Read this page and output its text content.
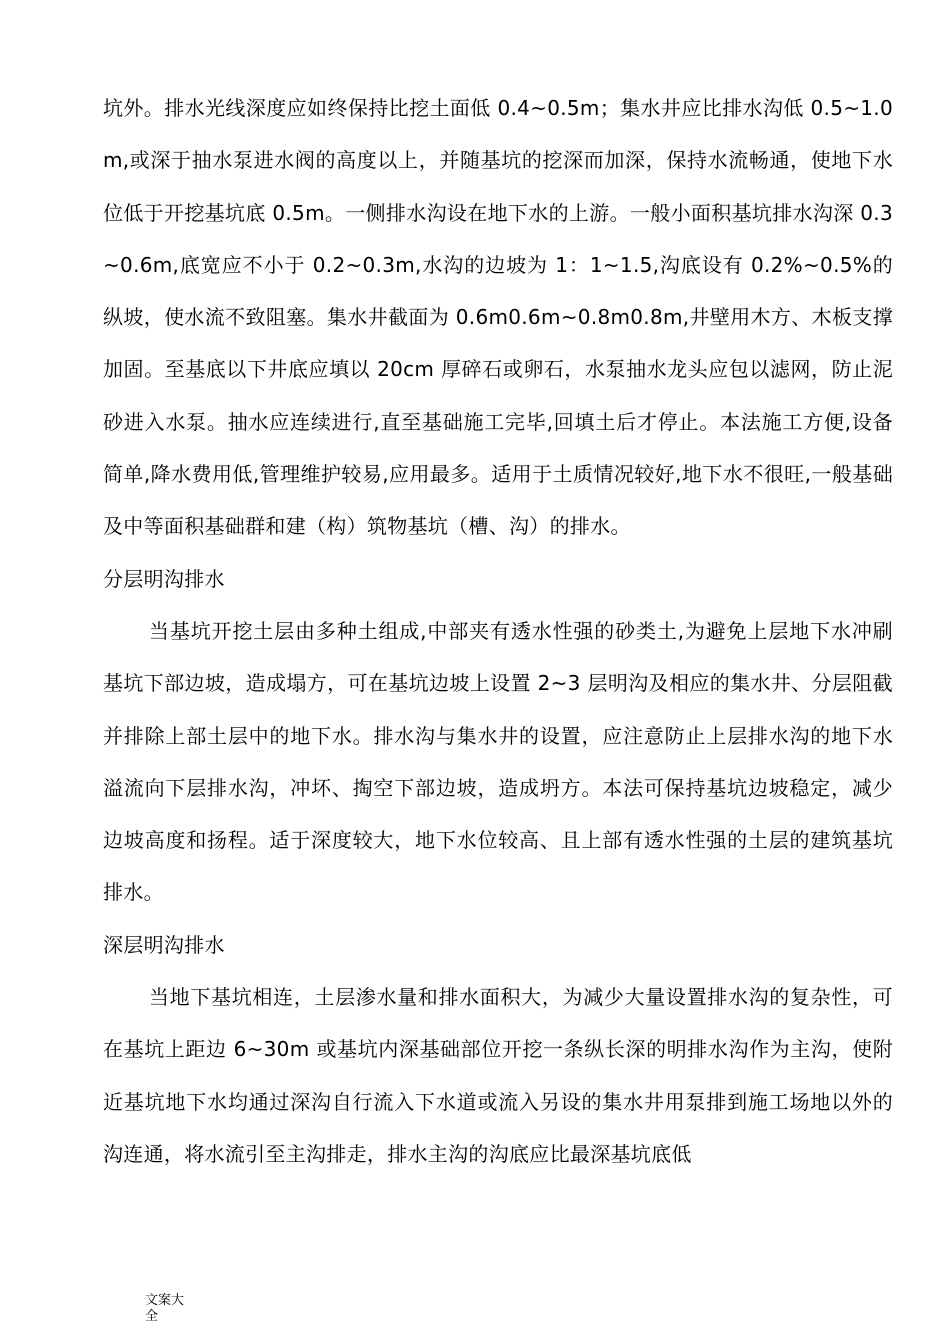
坑外。排水光线深度应如终保持比挖土面低 0.4~0.5m；集水井应比排水沟低 0.5~1.0m,或深于抽水泵进水阀的高度以上，并随基坑的挖深而加深，保持水流畅通，使地下水位低于开挖基坑底 0.5m。一侧排水沟设在地下水的上游。一般小面积基坑排水沟深 0.3~0.6m,底宽应不小于 0.2~0.3m,水沟的边坡为 1：1~1.5,沟底设有 0.2%~0.5%的纵坡，使水流不致阻塞。集水井截面为 0.6m0.6m~0.8m0.8m,井壁用木方、木板支撑加固。至基底以下井底应填以 20cm 厚碎石或卵石，水泵抽水龙头应包以滤网，防止泥砂进入水泵。抽水应连续进行,直至基础施工完毕,回填土后才停止。本法施工方便,设备简单,降水费用低,管理维护较易,应用最多。适用于土质情况较好,地下水不很旺,一般基础及中等面积基础群和建（构）筑物基坑（槽、沟）的排水。

分层明沟排水

当基坑开挖土层由多种土组成,中部夹有透水性强的砂类土,为避免上层地下水冲刷基坑下部边坡，造成塌方，可在基坑边坡上设置 2~3 层明沟及相应的集水井、分层阻截并排除上部土层中的地下水。排水沟与集水井的设置，应注意防止上层排水沟的地下水溢流向下层排水沟，冲坏、掏空下部边坡，造成坍方。本法可保持基坑边坡稳定，减少边坡高度和扬程。适于深度较大，地下水位较高、且上部有透水性强的土层的建筑基坑排水。

深层明沟排水

当地下基坑相连，土层渗水量和排水面积大，为减少大量设置排水沟的复杂性，可在基坑上距边 6~30m 或基坑内深基础部位开挖一条纵长深的明排水沟作为主沟，使附近基坑地下水均通过深沟自行流入下水道或流入另设的集水井用泵排到施工场地以外的沟连通，将水流引至主沟排走，排水主沟的沟底应比最深基坑底低

文案大
全
